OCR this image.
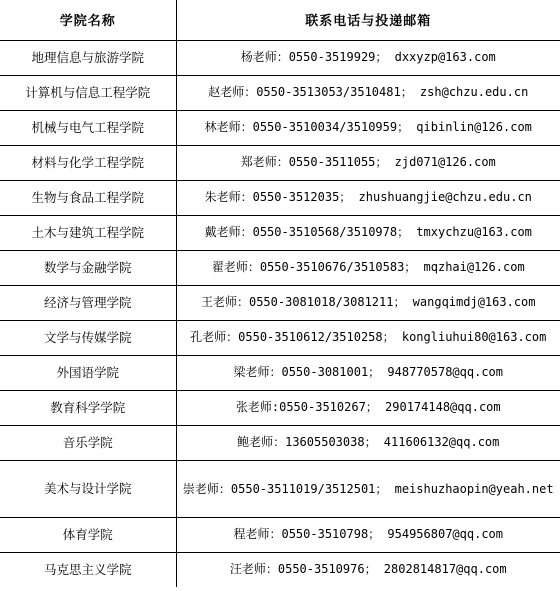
学院名称	联系电话与投递邮箱
地理信息与旅游学院	杨老师：0550-3519929； dxxyzp@163.com
计算机与信息工程学院	赵老师：0550-3513053/3510481； zsh@chzu.edu.cn
机械与电气工程学院	林老师：0550-3510034/3510959； qibinlin@126.com
材料与化学工程学院	郑老师：0550-3511055； zjd071@126.com
生物与食品工程学院	朱老师：0550-3512035； zhushuangjie@chzu.edu.cn
土木与建筑工程学院	戴老师：0550-3510568/3510978； tmxychzu@163.com
数学与金融学院	翟老师：0550-3510676/3510583； mqzhai@126.com
经济与管理学院	王老师：0550-3081018/3081211； wangqimdj@163.com
文学与传媒学院	孔老师：0550-3510612/3510258； kongliuhui80@163.com
外国语学院	梁老师：0550-3081001； 948770578@qq.com
教育科学学院	张老师:0550-3510267； 290174148@qq.com
音乐学院	鲍老师：13605503038； 411606132@qq.com
美术与设计学院	崇老师：0550-3511019/3512501； meishuzhaopin@yeah.net
体育学院	程老师：0550-3510798； 954956807@qq.com
马克思主义学院	汪老师：0550-3510976； 2802814817@qq.com
